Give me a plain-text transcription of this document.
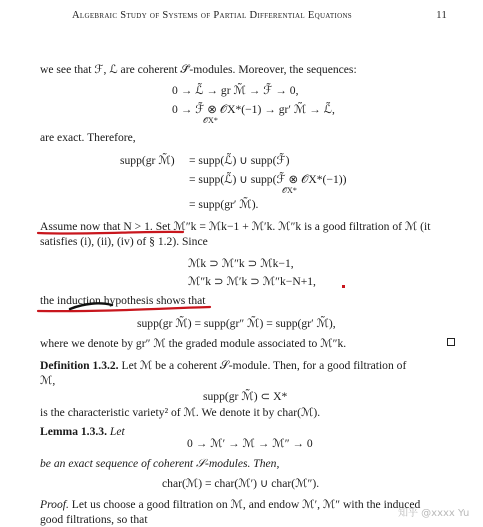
Algebraic Study of Systems of Partial Differential Equations	11
we see that ℱ, ℒ are coherent 𝒮̃-modules. Moreover, the sequences:
0 → ℒ̃ → gr ℳ̃ → ℱ̃ → 0,
0 → ℱ̃ ⊗ 𝒪X*(−1) → gr′ ℳ̃ → ℒ̃,
𝒪X*
are exact. Therefore,
supp(gr ℳ̃) = supp(ℒ̃) ∪ supp(ℱ̃)
= supp(ℒ̃) ∪ supp(ℱ̃ ⊗ 𝒪X*(−1))
𝒪X*
= supp(gr′ ℳ̃).
Assume now that N > 1. Set ℳ″k = ℳk−1 + ℳ′k. ℳ″k is a good filtration of ℳ (it
satisfies (i), (ii), (iv) of § 1.2). Since
ℳk ⊃ ℳ″k ⊃ ℳk−1,
ℳ″k ⊃ ℳ′k ⊃ ℳ″k−N+1,
the induction hypothesis shows that
supp(gr ℳ̃) = supp(gr″ ℳ̃) = supp(gr′ ℳ̃),
where we denote by gr″ ℳ the graded module associated to ℳ″k.
Definition 1.3.2. Let ℳ be a coherent 𝒮-module. Then, for a good filtration of
ℳ,
supp(gr ℳ̃) ⊂ X*
is the characteristic variety² of ℳ. We denote it by char(ℳ).
Lemma 1.3.3. Let
0 → ℳ′ → ℳ → ℳ″ → 0
be an exact sequence of coherent 𝒮-modules. Then,
char(ℳ) = char(ℳ′) ∪ char(ℳ″).
Proof. Let us choose a good filtration on ℳ, and endow ℳ′, ℳ″ with the induced
good filtrations, so that	知乎 @xxxx Yu
